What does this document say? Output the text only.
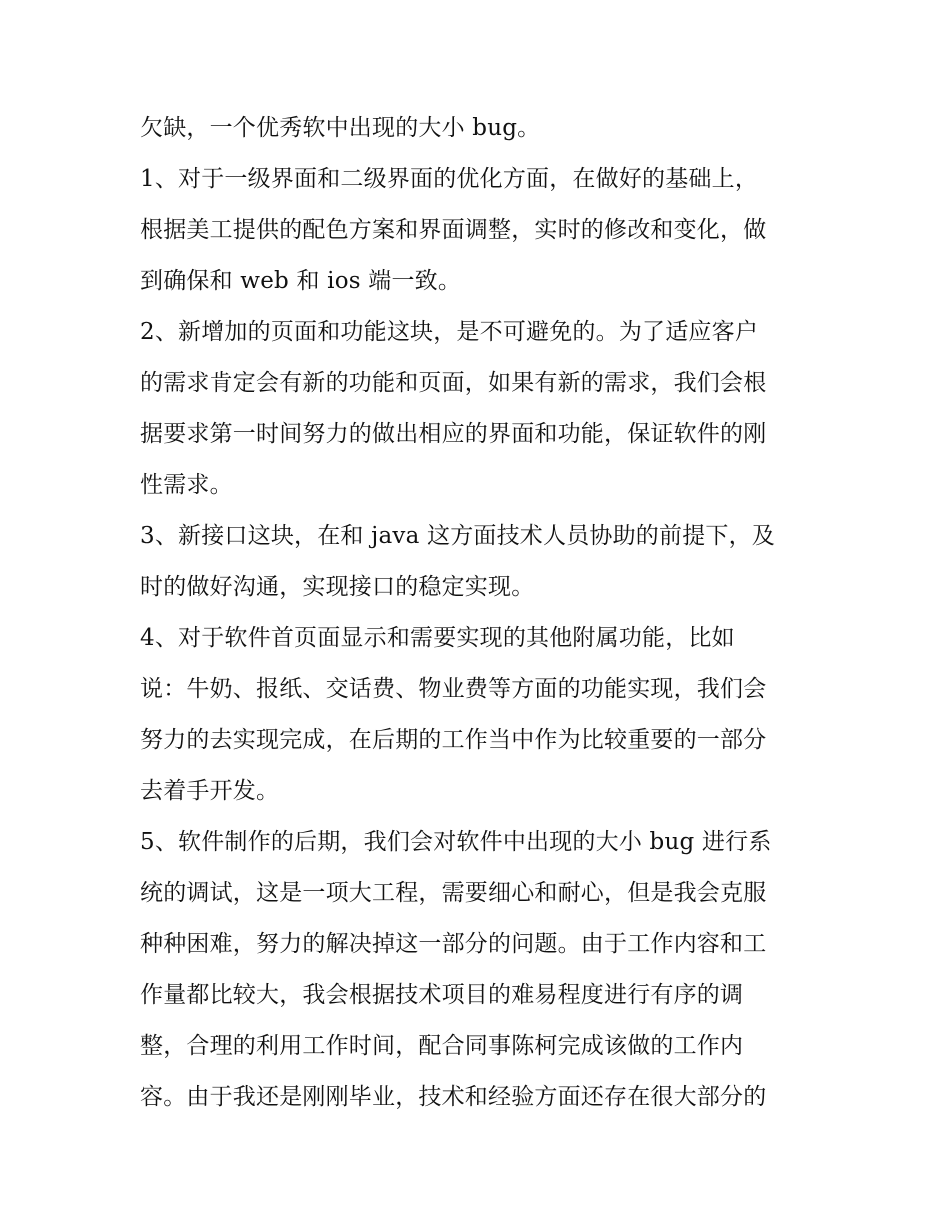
欠缺，一个优秀软中出现的大小 bug。
1、对于一级界面和二级界面的优化方面，在做好的基础上，
根据美工提供的配色方案和界面调整，实时的修改和变化，做
到确保和 web 和 ios 端一致。
2、新增加的页面和功能这块，是不可避免的。为了适应客户
的需求肯定会有新的功能和页面，如果有新的需求，我们会根
据要求第一时间努力的做出相应的界面和功能，保证软件的刚
性需求。
3、新接口这块，在和 java 这方面技术人员协助的前提下，及
时的做好沟通，实现接口的稳定实现。
4、对于软件首页面显示和需要实现的其他附属功能，比如
说：牛奶、报纸、交话费、物业费等方面的功能实现，我们会
努力的去实现完成，在后期的工作当中作为比较重要的一部分
去着手开发。
5、软件制作的后期，我们会对软件中出现的大小 bug 进行系
统的调试，这是一项大工程，需要细心和耐心，但是我会克服
种种困难，努力的解决掉这一部分的问题。由于工作内容和工
作量都比较大，我会根据技术项目的难易程度进行有序的调
整，合理的利用工作时间，配合同事陈柯完成该做的工作内
容。由于我还是刚刚毕业，技术和经验方面还存在很大部分的
